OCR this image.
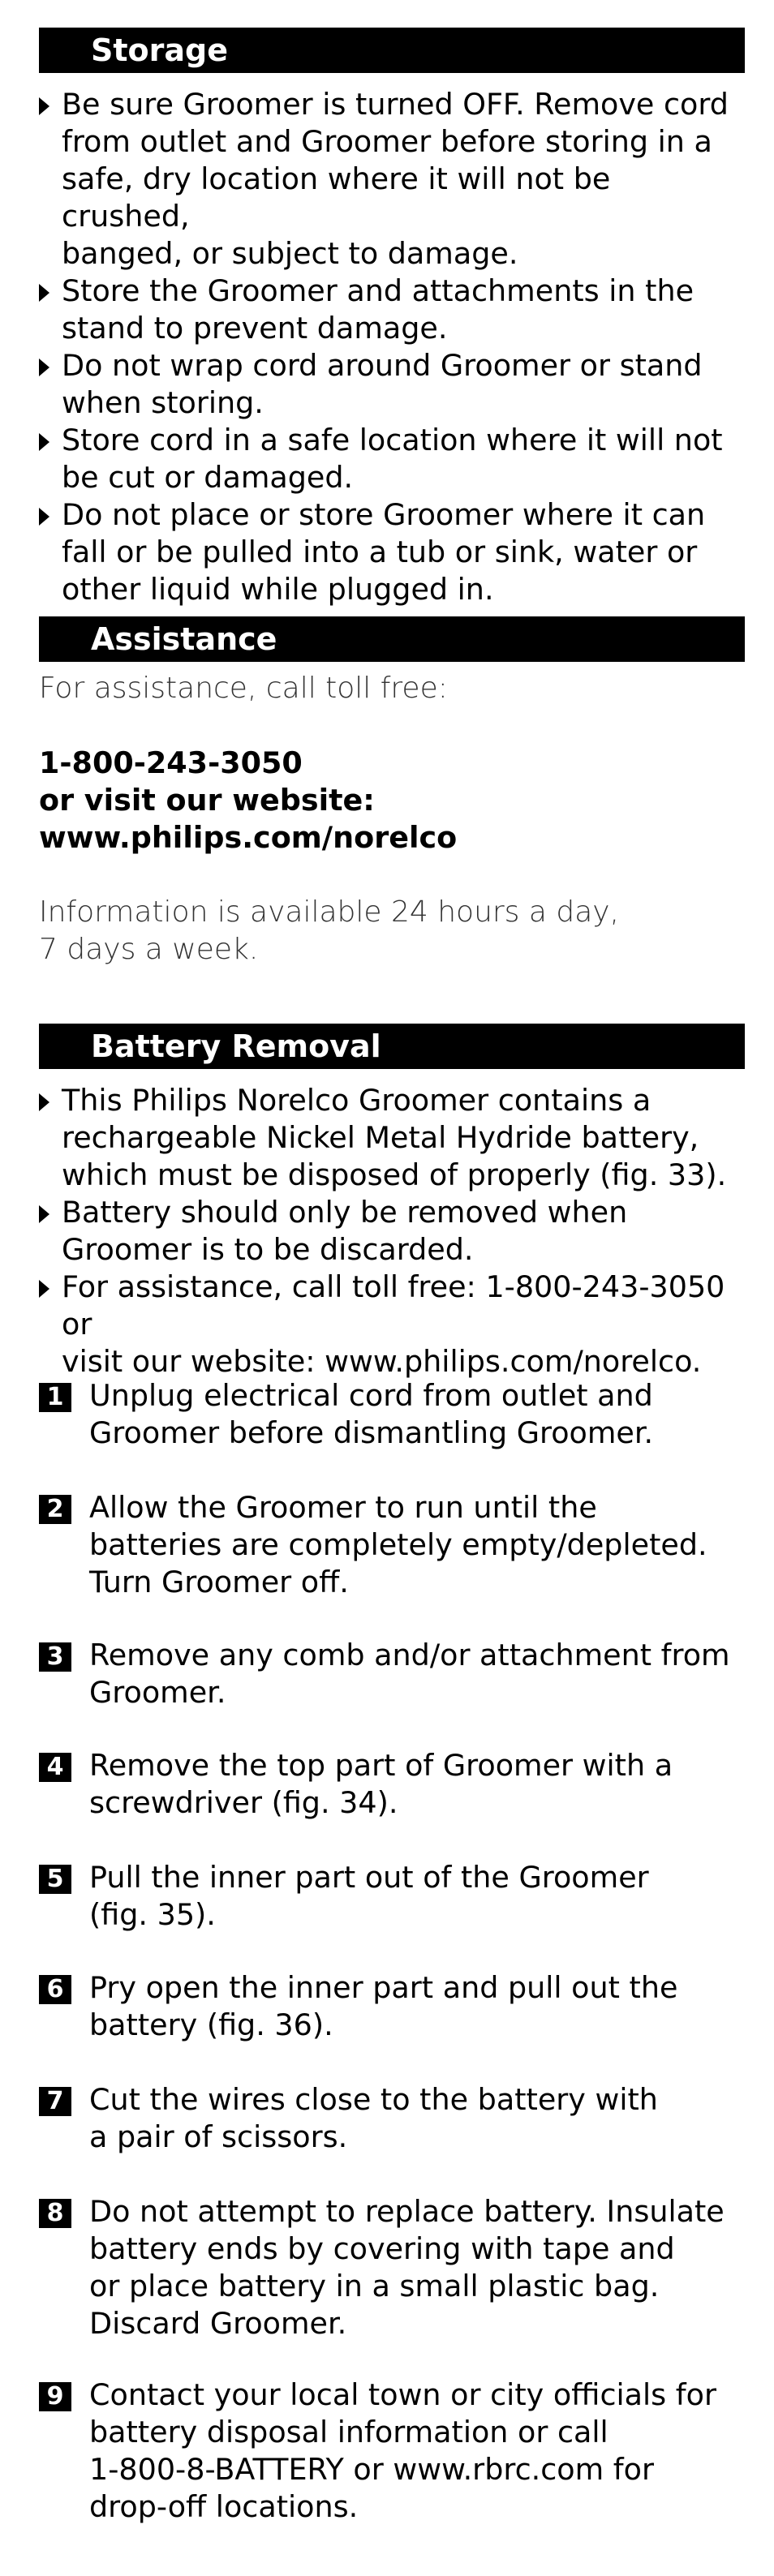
Storage
Be sure Groomer is turned OFF. Remove cord
from outlet and Groomer before storing in a
safe, dry location where it will not be crushed,
banged, or subject to damage.
Store the Groomer and attachments in the
stand to prevent damage.
Do not wrap cord around Groomer or stand
when storing.
Store cord in a safe location where it will not
be cut or damaged.
Do not place or store Groomer where it can
fall or be pulled into a tub or sink, water or
other liquid while plugged in.
Assistance
For assistance, call toll free:
1-800-243-3050
or visit our website:
www.philips.com/norelco
Information is available 24 hours a day,
7 days a week.
Battery Removal
This Philips Norelco Groomer contains a
rechargeable Nickel Metal Hydride battery,
which must be disposed of properly (fig. 33).
Battery should only be removed when
Groomer is to be discarded.
For assistance, call toll free: 1-800-243-3050 or
visit our website: www.philips.com/norelco.
1 Unplug electrical cord from outlet and
Groomer before dismantling Groomer.
2 Allow the Groomer to run until the
batteries are completely empty/depleted.
Turn Groomer off.
3 Remove any comb and/or attachment from
Groomer.
4 Remove the top part of Groomer with a
screwdriver (fig. 34).
5 Pull the inner part out of the Groomer
(fig. 35).
6 Pry open the inner part and pull out the
battery (fig. 36).
7 Cut the wires close to the battery with
a pair of scissors.
8 Do not attempt to replace battery. Insulate
battery ends by covering with tape and
or place battery in a small plastic bag.
Discard Groomer.
9 Contact your local town or city officials for
battery disposal information or call
1-800-8-BATTERY or www.rbrc.com for
drop-off locations.
